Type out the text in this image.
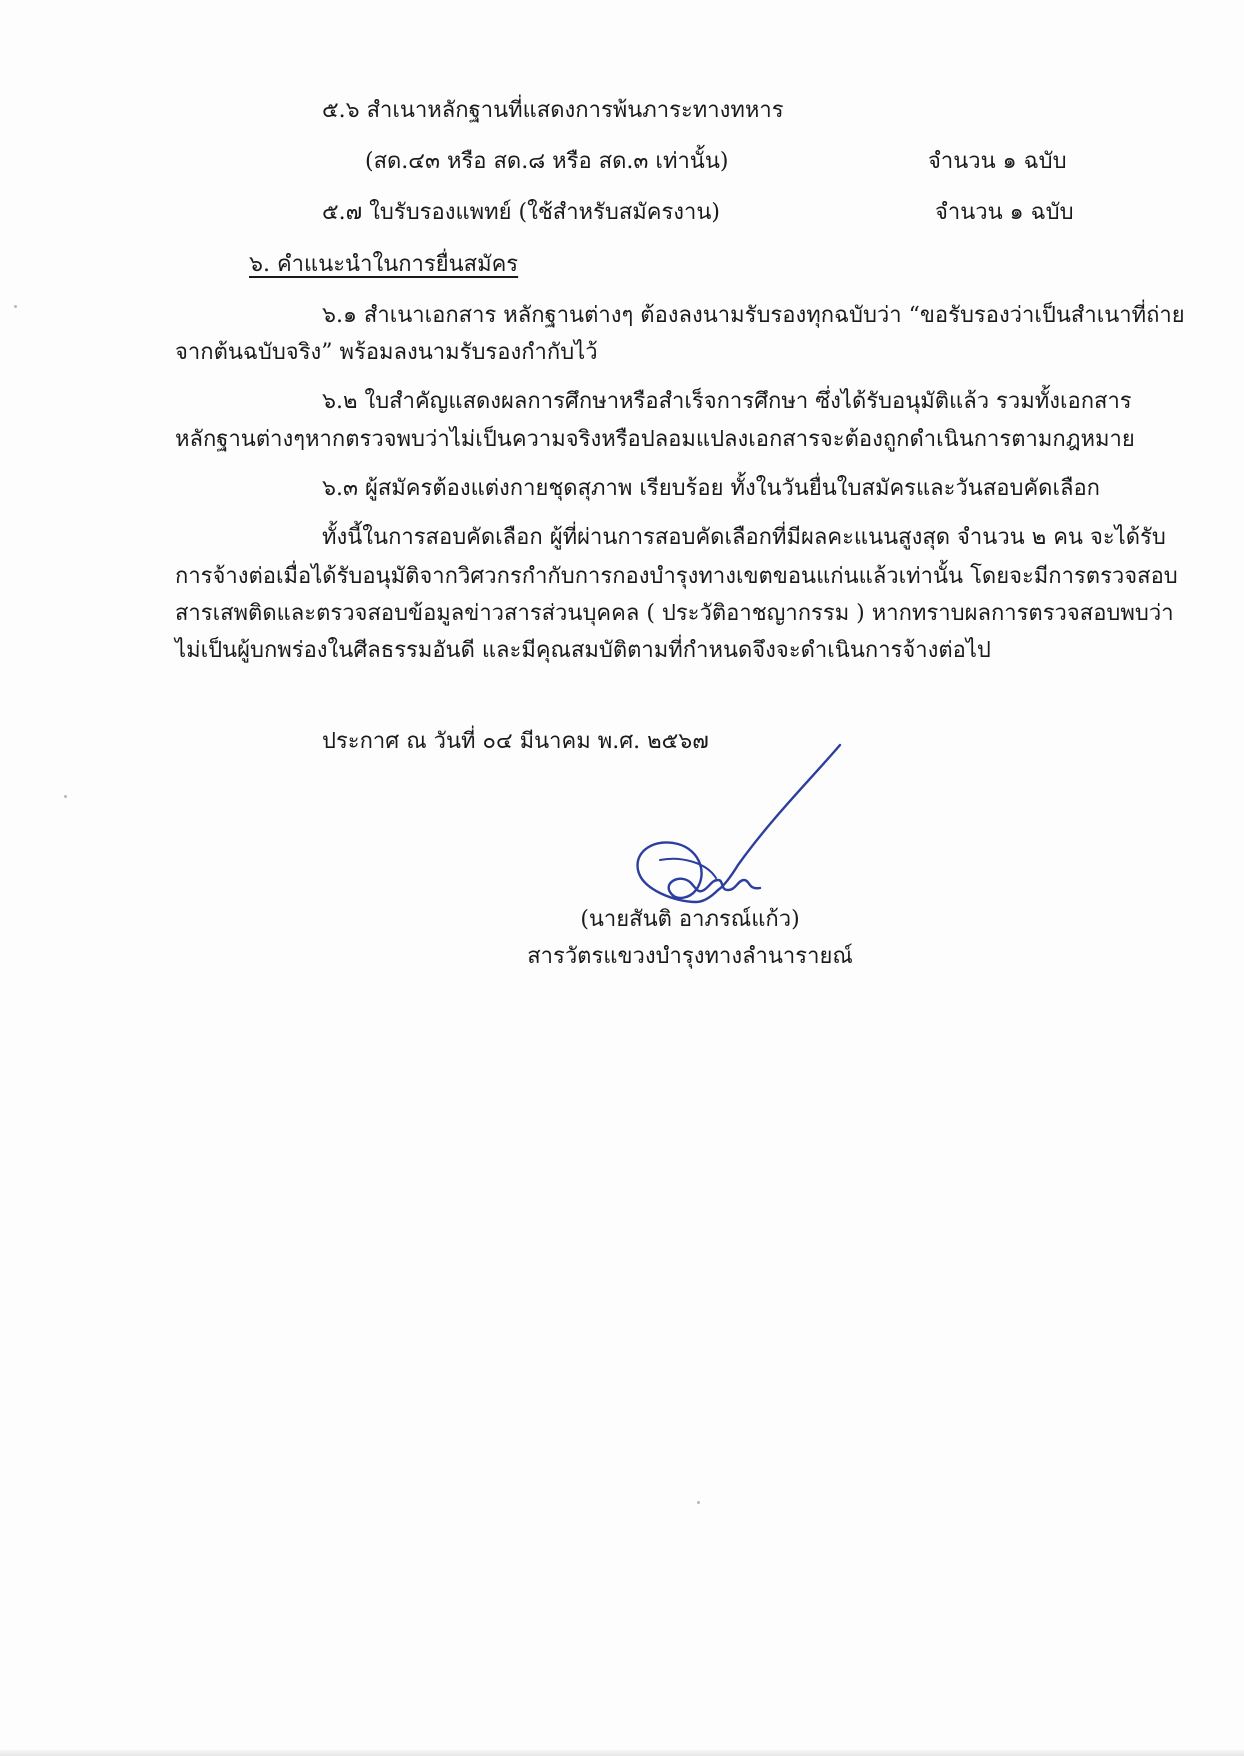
๕.๖ สำเนาหลักฐานที่แสดงการพ้นภาระทางทหาร
(สด.๔๓ หรือ สด.๘ หรือ สด.๓ เท่านั้น)	จำนวน ๑ ฉบับ
๕.๗ ใบรับรองแพทย์ (ใช้สำหรับสมัครงาน)	จำนวน ๑ ฉบับ
๖. คำแนะนำในการยื่นสมัคร
๖.๑ สำเนาเอกสาร หลักฐานต่างๆ ต้องลงนามรับรองทุกฉบับว่า “ขอรับรองว่าเป็นสำเนาที่ถ่าย
จากต้นฉบับจริง” พร้อมลงนามรับรองกำกับไว้
๖.๒ ใบสำคัญแสดงผลการศึกษาหรือสำเร็จการศึกษา ซึ่งได้รับอนุมัติแล้ว รวมทั้งเอกสาร
หลักฐานต่างๆหากตรวจพบว่าไม่เป็นความจริงหรือปลอมแปลงเอกสารจะต้องถูกดำเนินการตามกฎหมาย
๖.๓ ผู้สมัครต้องแต่งกายชุดสุภาพ เรียบร้อย ทั้งในวันยื่นใบสมัครและวันสอบคัดเลือก
ทั้งนี้ในการสอบคัดเลือก ผู้ที่ผ่านการสอบคัดเลือกที่มีผลคะแนนสูงสุด จำนวน ๒ คน จะได้รับ
การจ้างต่อเมื่อได้รับอนุมัติจากวิศวกรกำกับการกองบำรุงทางเขตขอนแก่นแล้วเท่านั้น โดยจะมีการตรวจสอบ
สารเสพติดและตรวจสอบข้อมูลข่าวสารส่วนบุคคล ( ประวัติอาชญากรรม ) หากทราบผลการตรวจสอบพบว่า
ไม่เป็นผู้บกพร่องในศีลธรรมอันดี และมีคุณสมบัติตามที่กำหนดจึงจะดำเนินการจ้างต่อไป
ประกาศ ณ วันที่ ๐๔ มีนาคม พ.ศ. ๒๕๖๗
(นายสันติ อาภรณ์แก้ว)
สารวัตรแขวงบำรุงทางลำนารายณ์
